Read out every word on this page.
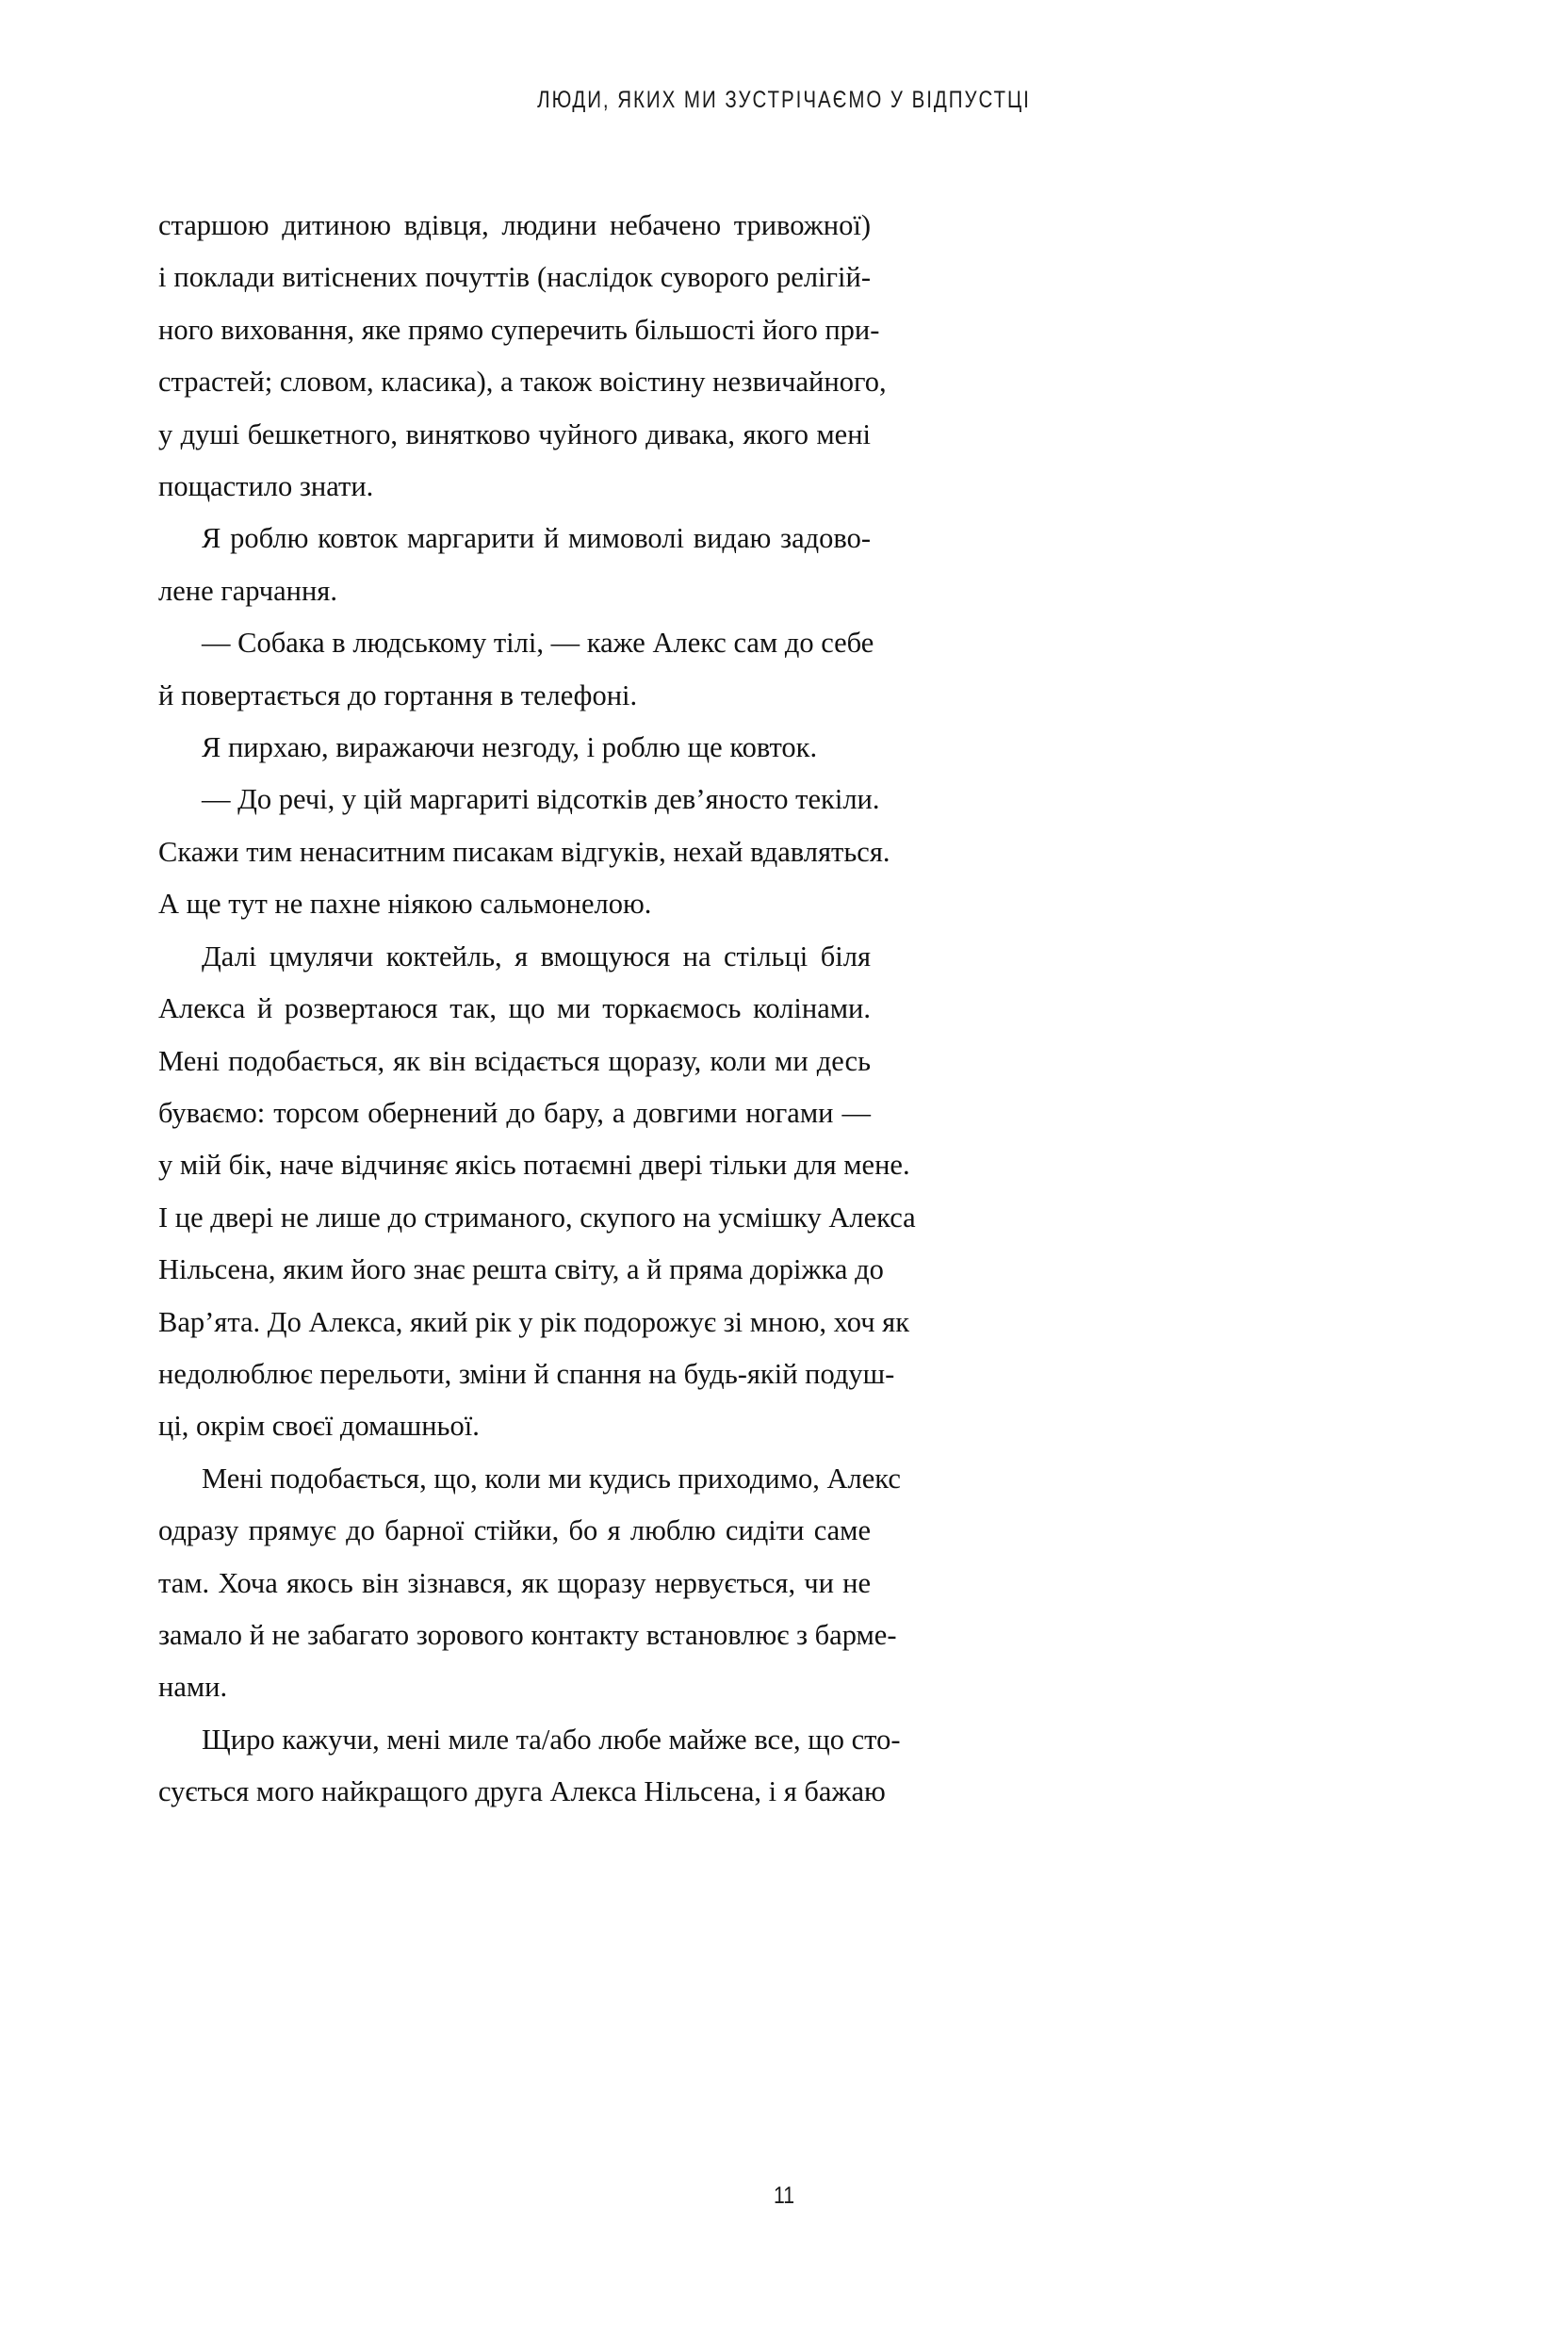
ЛЮДИ, ЯКИХ МИ ЗУСТРІЧАЄМО У ВІДПУСТЦІ

старшою дитиною вдівця, людини небачено тривожної)
і поклади витіснених почуттів (наслідок суворого релігій-
ного виховання, яке прямо суперечить більшості його при-
страстей; словом, класика), а також воістину незвичайного,
у душі бешкетного, винятково чуйного дивака, якого мені
пощастило знати.

Я роблю ковток маргарити й мимоволі видаю задово-
лене гарчання.

— Собака в людському тілі, — каже Алекс сам до себе
й повертається до гортання в телефоні.

Я пирхаю, виражаючи незгоду, і роблю ще ковток.

— До речі, у цій маргариті відсотків дев’яносто текіли.
Скажи тим ненаситним писакам відгуків, нехай вдавляться.
А ще тут не пахне ніякою сальмонелою.

Далі цмулячи коктейль, я вмощуюся на стільці біля
Алекса й розвертаюся так, що ми торкаємось колінами.
Мені подобається, як він всідається щоразу, коли ми десь
буваємо: торсом обернений до бару, а довгими ногами —
у мій бік, наче відчиняє якісь потаємні двері тільки для мене.
І це двері не лише до стриманого, скупого на усмішку Алекса
Нільсена, яким його знає решта світу, а й пряма доріжка до
Вар’ята. До Алекса, який рік у рік подорожує зі мною, хоч як
недолюблює перельоти, зміни й спання на будь-якій подуш-
ці, окрім своєї домашньої.

Мені подобається, що, коли ми кудись приходимо, Алекс
одразу прямує до барної стійки, бо я люблю сидіти саме
там. Хоча якось він зізнався, як щоразу нервується, чи не
замало й не забагато зорового контакту встановлює з барме-
нами.

Щиро кажучи, мені миле та/або любе майже все, що сто-
сується мого найкращого друга Алекса Нільсена, і я бажаю

11
